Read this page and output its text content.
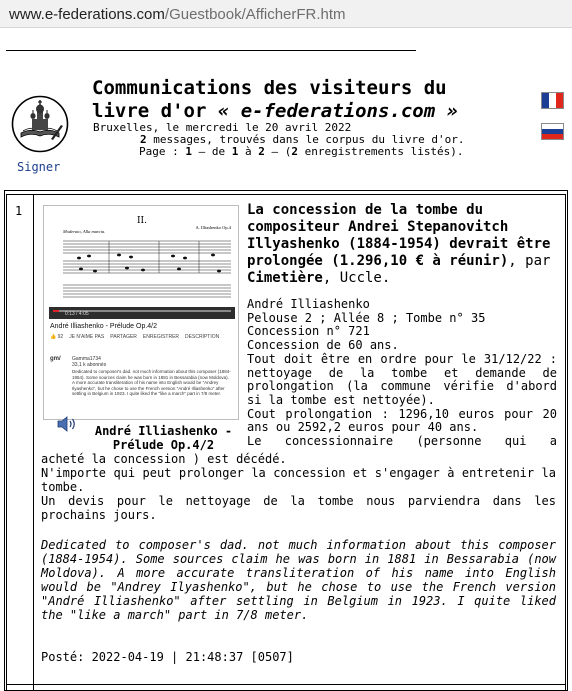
www.e-federations.com/Guestbook/AfficherFR.htm
Signer
Communications des visiteurs du
livre d'or « e-federations.com »
Bruxelles, le mercredi le 20 avril 2022
2 messages, trouvés dans le corpus du livre d'or.
Page : 1 — de 1 à 2 — (2 enregistrements listés).
1
II.
Moderato, Alla marcia.
A. Illiashenko Op.4
0:13 / 4:05
André Illiashenko - Prélude Op.4/2
👍 92 JE N'AIME PAS PARTAGER ENREGISTRER DESCRIPTION
gm/	Gamma1734
33,1 k abonnés
Dedicated to composer's dad. not much information about this composer (1884-1954). Some sources claim he was born in 1881 in Bessarabia (now Moldova). A more accurate transliteration of his name into English would be "Andrey Ilyashenko", but he chose to use the French version "André Illiashenko" after settling in Belgium in 1923. I quite liked the "like a march" part in 7/8 meter.
André Illiashenko - Prélude Op.4/2
La concession de la tombe du compositeur Andrei Stepanovitch Illyashenko (1884-1954) devrait être prolongée (1.296,10 € à réunir), par Cimetière, Uccle.

André Illiashenko

Pelouse 2 ; Allée 8 ; Tombe n° 35

Concession n° 721

Concession de 60 ans.

Tout doit être en ordre pour le 31/12/22 : nettoyage de la tombe et demande de prolongation (la commune vérifie d'abord si la tombe est nettoyée).

Cout prolongation : 1296,10 euros pour 20 ans ou 2592,2 euros pour 40 ans.

Le concessionnaire (personne qui a

acheté la concession ) est décédé.

N'importe qui peut prolonger la concession et s'engager à entretenir la tombe.

Un devis pour le nettoyage de la tombe nous parviendra dans les prochains jours.

Dedicated to composer's dad. not much information about this composer (1884-1954). Some sources claim he was born in 1881 in Bessarabia (now Moldova). A more accurate transliteration of his name into English would be "Andrey Ilyashenko", but he chose to use the French version "André Illiashenko" after settling in Belgium in 1923. I quite liked the "like a march" part in 7/8 meter.

Posté: 2022-04-19 | 21:48:37 [0507]
